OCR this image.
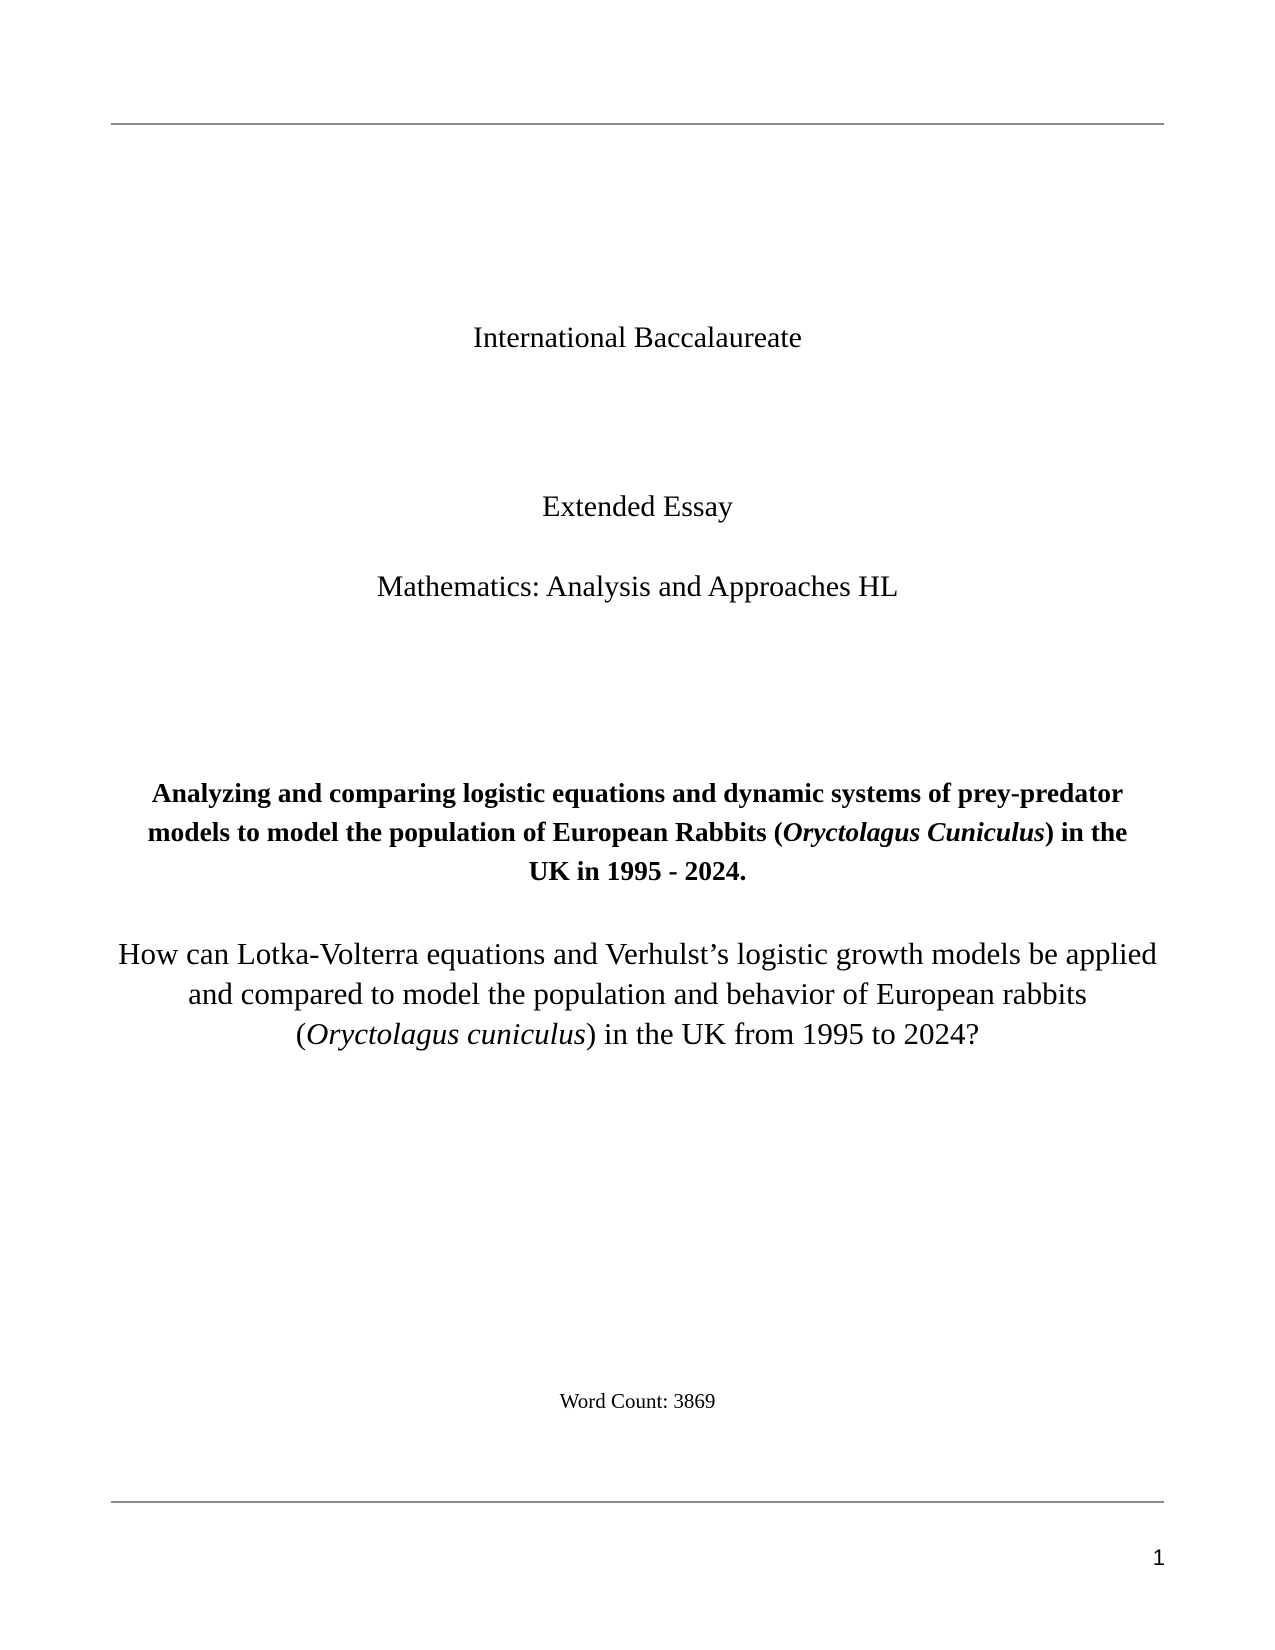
International Baccalaureate
Extended Essay
Mathematics: Analysis and Approaches HL
Analyzing and comparing logistic equations and dynamic systems of prey-predator
models to model the population of European Rabbits (Oryctolagus Cuniculus) in the
UK in 1995 - 2024.
How can Lotka-Volterra equations and Verhulst’s logistic growth models be applied
and compared to model the population and behavior of European rabbits
(Oryctolagus cuniculus) in the UK from 1995 to 2024?
Word Count: 3869
1
